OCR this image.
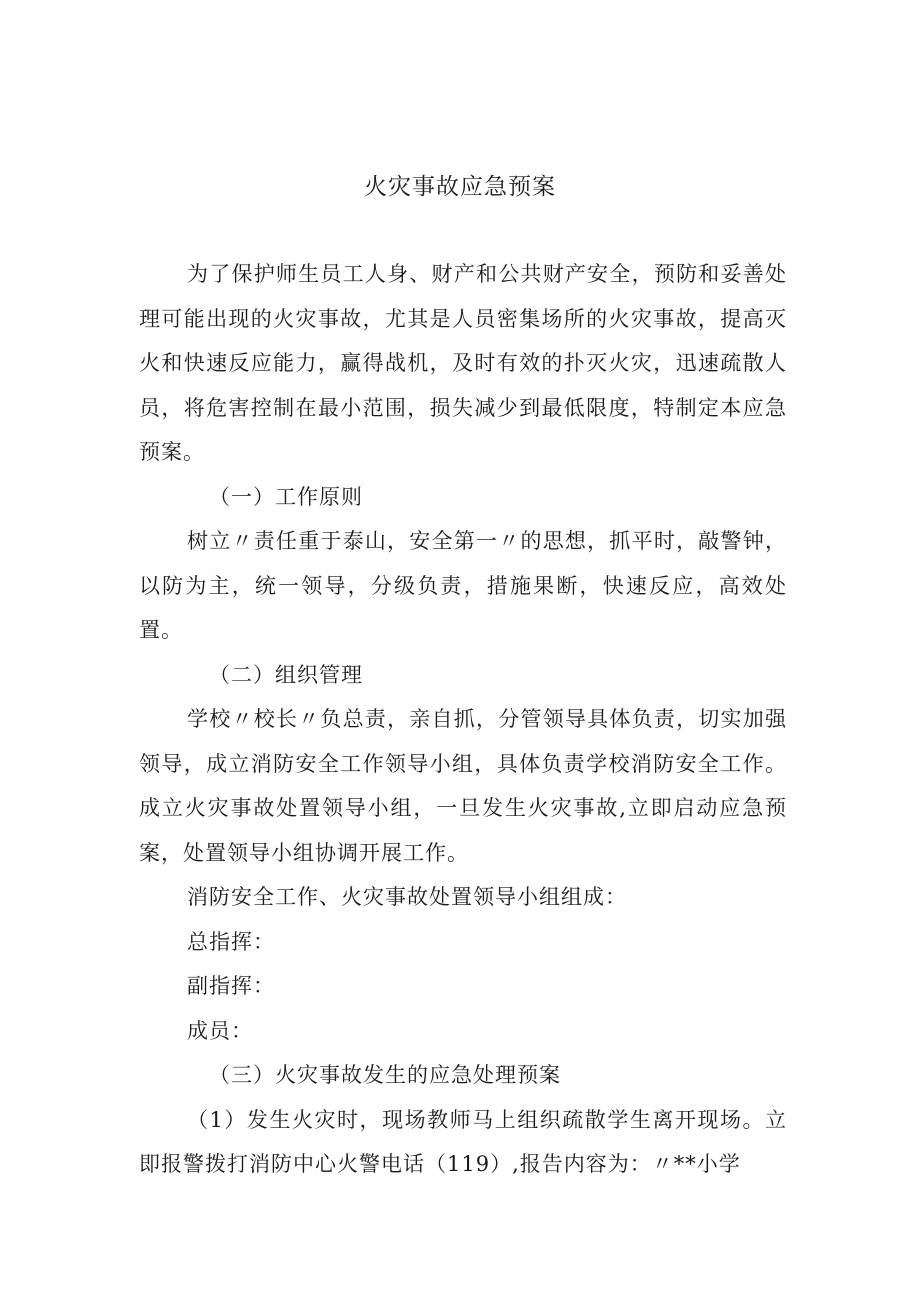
火灾事故应急预案

为了保护师生员工人身、财产和公共财产安全，预防和妥善处理可能出现的火灾事故，尤其是人员密集场所的火灾事故，提高灭火和快速反应能力，赢得战机，及时有效的扑灭火灾，迅速疏散人员，将危害控制在最小范围，损失减少到最低限度，特制定本应急预案。

（一）工作原则

树立〃责任重于泰山，安全第一〃的思想，抓平时，敲警钟，以防为主，统一领导，分级负责，措施果断，快速反应，高效处置。

（二）组织管理

学校〃校长〃负总责，亲自抓，分管领导具体负责，切实加强领导，成立消防安全工作领导小组，具体负责学校消防安全工作。成立火灾事故处置领导小组，一旦发生火灾事故,立即启动应急预案，处置领导小组协调开展工作。

消防安全工作、火灾事故处置领导小组组成：

总指挥：

副指挥：

成员：

（三）火灾事故发生的应急处理预案

（1）发生火灾时，现场教师马上组织疏散学生离开现场。立即报警拨打消防中心火警电话（119）,报告内容为：〃**小学
